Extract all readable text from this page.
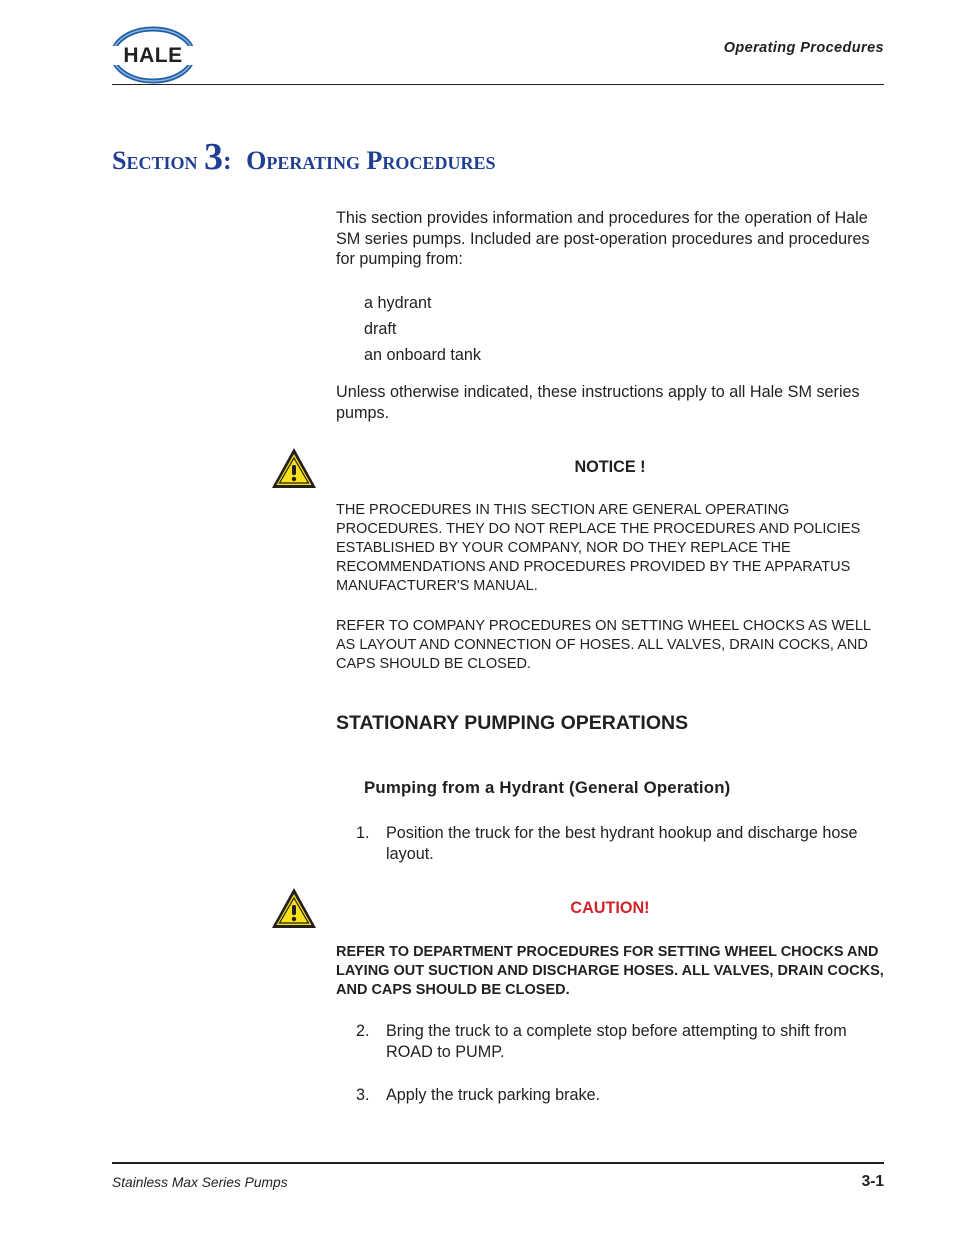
HALE	Operating Procedures
Section 3: Operating Procedures
This section provides information and procedures for the operation of Hale SM series pumps. Included are post-operation procedures and procedures for pumping from:
a hydrant
draft
an onboard tank
Unless otherwise indicated, these instructions apply to all Hale SM series pumps.
NOTICE !
THE PROCEDURES IN THIS SECTION ARE GENERAL OPERATING PROCEDURES. THEY DO NOT REPLACE THE PROCEDURES AND POLICIES ESTABLISHED BY YOUR COMPANY, NOR DO THEY REPLACE THE RECOMMENDATIONS AND PROCEDURES PROVIDED BY THE APPARATUS MANUFACTURER'S MANUAL.
REFER TO COMPANY PROCEDURES ON SETTING WHEEL CHOCKS AS WELL AS LAYOUT AND CONNECTION OF HOSES. ALL VALVES, DRAIN COCKS, AND CAPS SHOULD BE CLOSED.
STATIONARY PUMPING OPERATIONS
Pumping from a Hydrant (General Operation)
1. Position the truck for the best hydrant hookup and discharge hose layout.
CAUTION!
REFER TO DEPARTMENT PROCEDURES FOR SETTING WHEEL CHOCKS AND LAYING OUT SUCTION AND DISCHARGE HOSES. ALL VALVES, DRAIN COCKS, AND CAPS SHOULD BE CLOSED.
2. Bring the truck to a complete stop before attempting to shift from ROAD to PUMP.
3. Apply the truck parking brake.
Stainless Max Series Pumps	3-1
